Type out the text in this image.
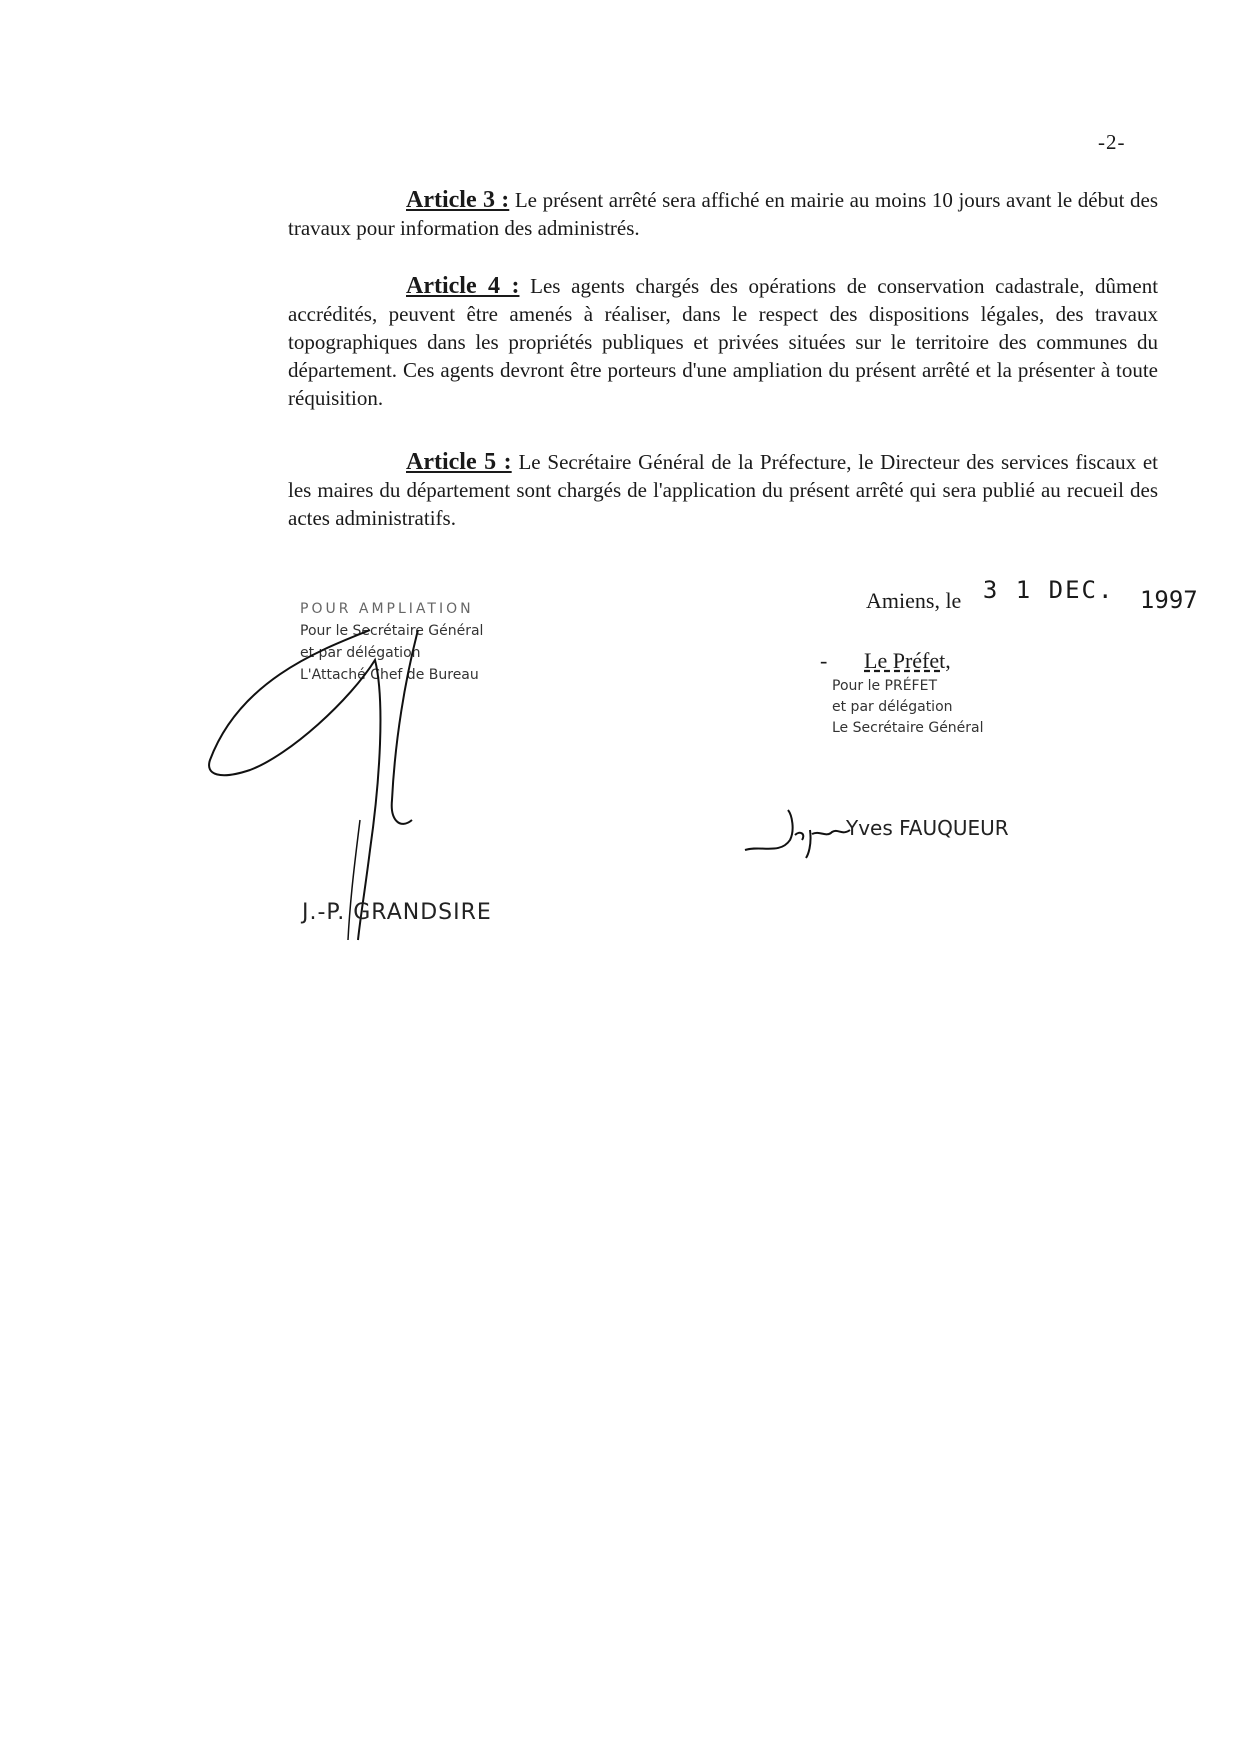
-2-
Article 3 : Le présent arrêté sera affiché en mairie au moins 10 jours avant le début des travaux pour information des administrés.
Article 4 : Les agents chargés des opérations de conservation cadastrale, dûment accrédités, peuvent être amenés à réaliser, dans le respect des dispositions légales, des travaux topographiques dans les propriétés publiques et privées situées sur le territoire des communes du département. Ces agents devront être porteurs d'une ampliation du présent arrêté et la présenter à toute réquisition.
Article 5 : Le Secrétaire Général de la Préfecture, le Directeur des services fiscaux et les maires du département sont chargés de l'application du présent arrêté qui sera publié au recueil des actes administratifs.
POUR AMPLIATION
Pour le Secrétaire Général
et par délégation
L'Attaché Chef de Bureau
J.-P. GRANDSIRE
Amiens, le 3 1 DEC. 1997
- Le Préfet,
Pour le PRÉFET
et par délégation
Le Secrétaire Général
Yves FAUQUEUR
